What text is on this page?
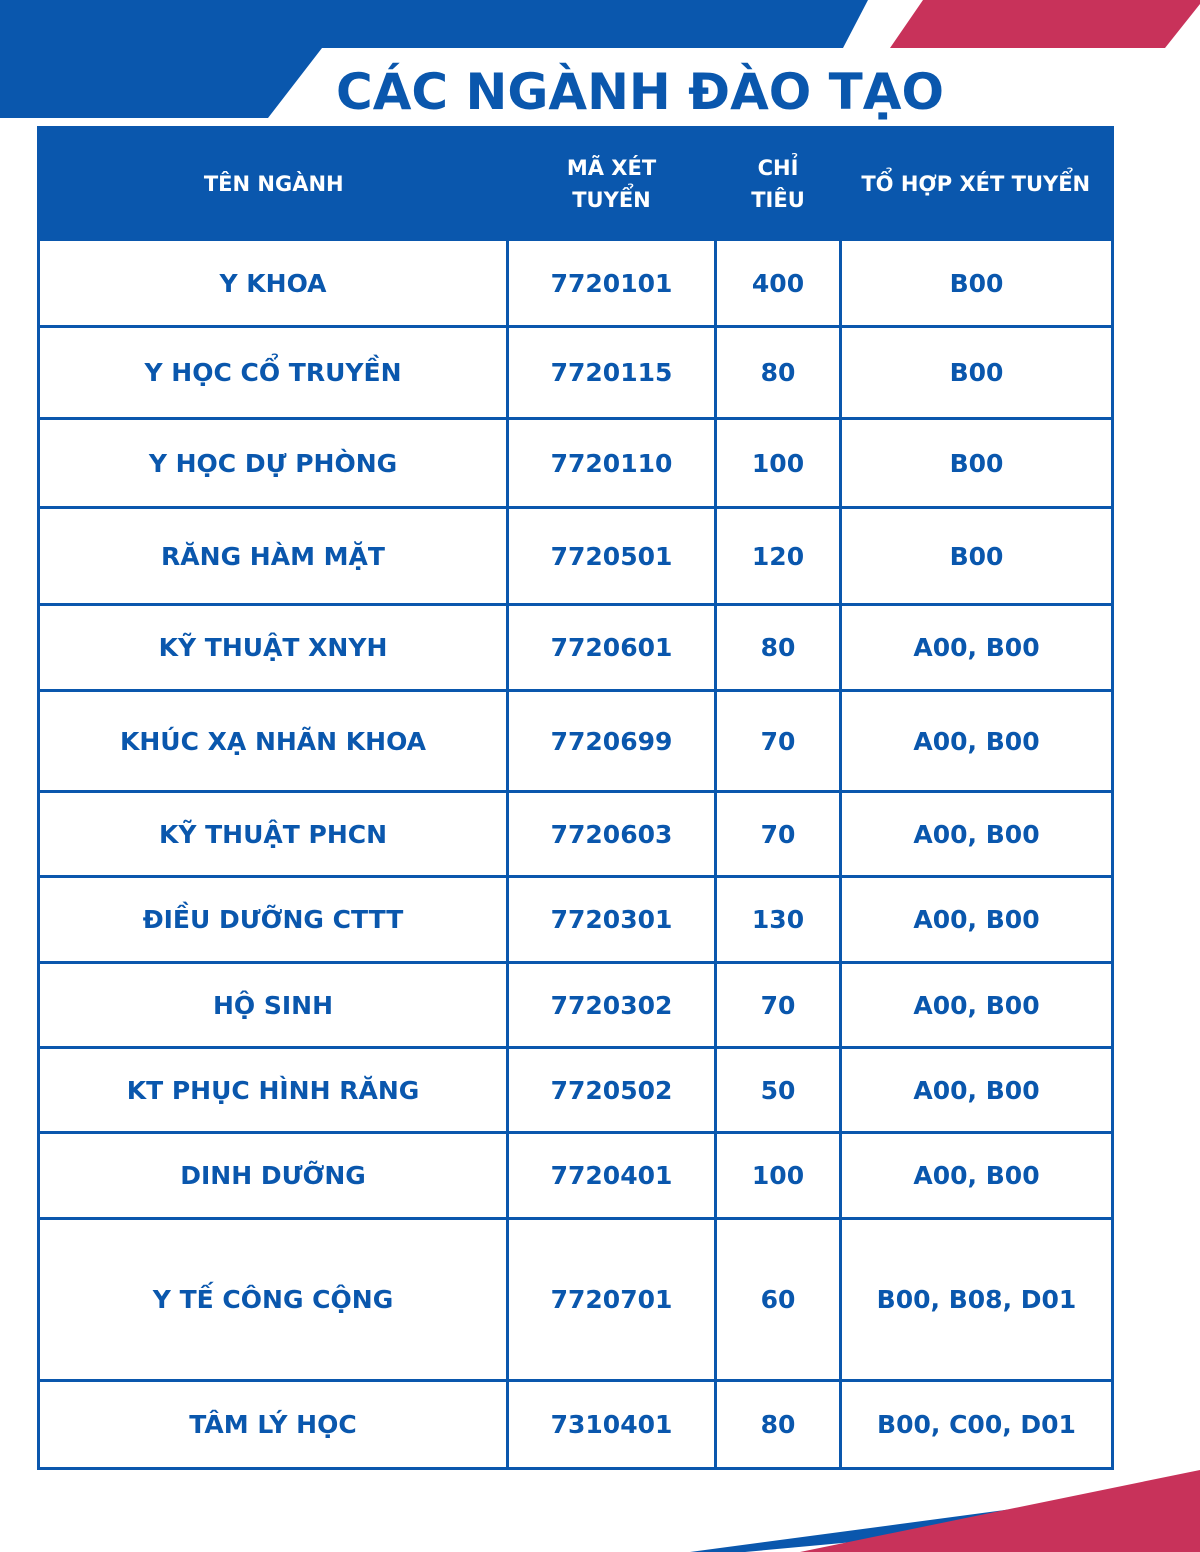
CÁC NGÀNH ĐÀO TẠO
TÊN NGÀNH	MÃ XÉT TUYỂN	CHỈ TIÊU	TỔ HỢP XÉT TUYỂN
Y KHOA	7720101	400	B00
Y HỌC CỔ TRUYỀN	7720115	80	B00
Y HỌC DỰ PHÒNG	7720110	100	B00
RĂNG HÀM MẶT	7720501	120	B00
KỸ THUẬT XNYH	7720601	80	A00, B00
KHÚC XẠ NHÃN KHOA	7720699	70	A00, B00
KỸ THUẬT PHCN	7720603	70	A00, B00
ĐIỀU DƯỠNG CTTT	7720301	130	A00, B00
HỘ SINH	7720302	70	A00, B00
KT PHỤC HÌNH RĂNG	7720502	50	A00, B00
DINH DƯỠNG	7720401	100	A00, B00
Y TẾ CÔNG CỘNG	7720701	60	B00, B08, D01
TÂM LÝ HỌC	7310401	80	B00, C00, D01
